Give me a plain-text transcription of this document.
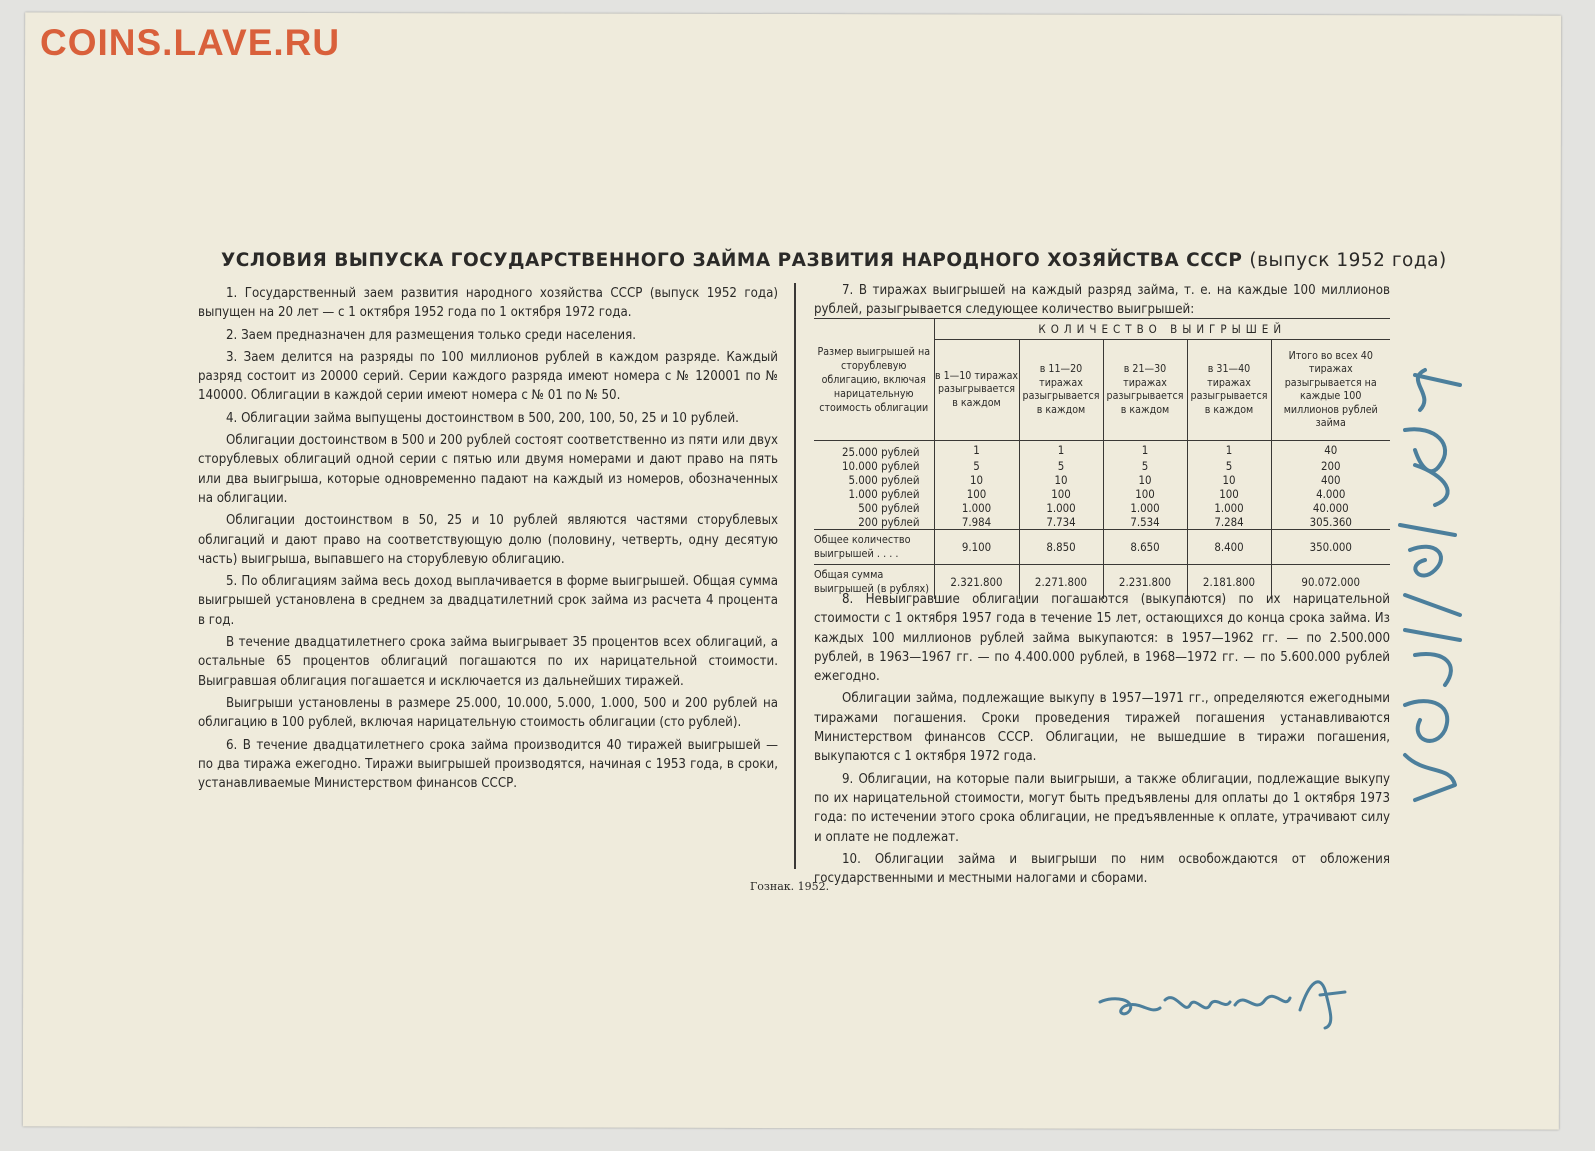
COINS.LAVE.RU
УСЛОВИЯ ВЫПУСКА ГОСУДАРСТВЕННОГО ЗАЙМА РАЗВИТИЯ НАРОДНОГО ХОЗЯЙСТВА СССР (выпуск 1952 года)

1. Государственный заем развития народного хозяйства СССР (выпуск 1952 года) выпущен на 20 лет — с 1 октября 1952 года по 1 октября 1972 года.

2. Заем предназначен для размещения только среди населения.

3. Заем делится на разряды по 100 миллионов рублей в каждом разряде. Каждый разряд состоит из 20000 серий. Серии каждого разряда имеют номера с № 120001 по № 140000. Облигации в каждой серии имеют номера с № 01 по № 50.

4. Облигации займа выпущены достоинством в 500, 200, 100, 50, 25 и 10 рублей.

Облигации достоинством в 500 и 200 рублей состоят соответственно из пяти или двух сторублевых облигаций одной серии с пятью или двумя номерами и дают право на пять или два выигрыша, которые одновременно падают на каждый из номеров, обозначенных на облигации.

Облигации достоинством в 50, 25 и 10 рублей являются частями сторублевых облигаций и дают право на соответствующую долю (половину, четверть, одну десятую часть) выигрыша, выпавшего на сторублевую облигацию.

5. По облигациям займа весь доход выплачивается в форме выигрышей. Общая сумма выигрышей установлена в среднем за двадцатилетний срок займа из расчета 4 процента в год.

В течение двадцатилетнего срока займа выигрывает 35 процентов всех облигаций, а остальные 65 процентов облигаций погашаются по их нарицательной стоимости. Выигравшая облигация погашается и исключается из дальнейших тиражей.

Выигрыши установлены в размере 25.000, 10.000, 5.000, 1.000, 500 и 200 рублей на облигацию в 100 рублей, включая нарицательную стоимость облигации (сто рублей).

6. В течение двадцатилетнего срока займа производится 40 тиражей выигрышей — по два тиража ежегодно. Тиражи выигрышей производятся, начиная с 1953 года, в сроки, устанавливаемые Министерством финансов СССР.

7. В тиражах выигрышей на каждый разряд займа, т. е. на каждые 100 миллионов рублей, разыгрывается следующее количество выигрышей:

Размер выигрышей на сторублевую облигацию, включая нарицательную стоимость облигации	КОЛИЧЕСТВО ВЫИГРЫШЕЙ				
	в 1—10 тиражах разыгрывается в каждом	в 11—20 тиражах разыгрывается в каждом	в 21—30 тиражах разыгрывается в каждом	в 31—40 тиражах разыгрывается в каждом	Итого во всех 40 тиражах разыгрывается на каждые 100 миллионов рублей займа
25.000 рублей	1	1	1	1	40
10.000 рублей	5	5	5	5	200
5.000 рублей	10	10	10	10	400
1.000 рублей	100	100	100	100	4.000
500 рублей	1.000	1.000	1.000	1.000	40.000
200 рублей	7.984	7.734	7.534	7.284	305.360
Общее количество выигрышей . . . .	9.100	8.850	8.650	8.400	350.000
Общая сумма выигрышей (в рублях)	2.321.800	2.271.800	2.231.800	2.181.800	90.072.000

8. Невыигравшие облигации погашаются (выкупаются) по их нарицательной стоимости с 1 октября 1957 года в течение 15 лет, остающихся до конца срока займа. Из каждых 100 миллионов рублей займа выкупаются: в 1957—1962 гг. — по 2.500.000 рублей, в 1963—1967 гг. — по 4.400.000 рублей, в 1968—1972 гг. — по 5.600.000 рублей ежегодно.

Облигации займа, подлежащие выкупу в 1957—1971 гг., определяются ежегодными тиражами погашения. Сроки проведения тиражей погашения устанавливаются Министерством финансов СССР. Облигации, не вышедшие в тиражи погашения, выкупаются с 1 октября 1972 года.

9. Облигации, на которые пали выигрыши, а также облигации, подлежащие выкупу по их нарицательной стоимости, могут быть предъявлены для оплаты до 1 октября 1973 года: по истечении этого срока облигации, не предъявленные к оплате, утрачивают силу и оплате не подлежат.

10. Облигации займа и выигрыши по ним освобождаются от обложения государственными и местными налогами и сборами.

Гознак. 1952.
